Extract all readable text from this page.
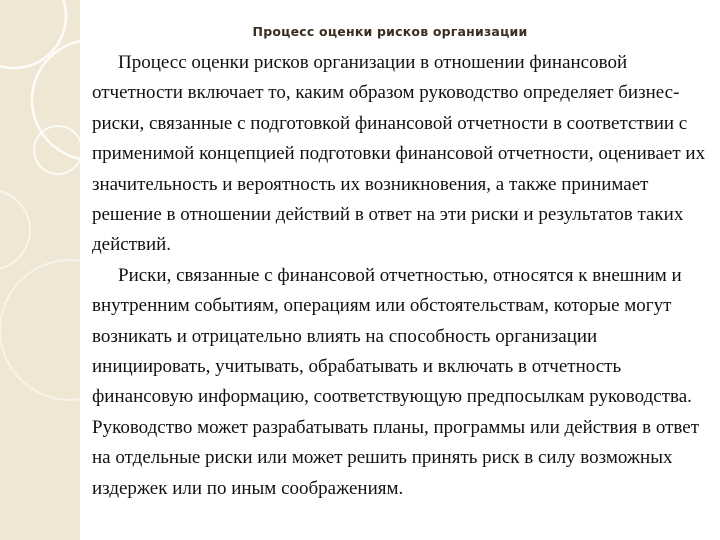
Процесс оценки рисков организации

Процесс оценки рисков организации в отношении финансовой отчетности включает то, каким образом руководство определяет бизнес-риски, связанные с подготовкой финансовой отчетности в соответствии с применимой концепцией подготовки финансовой отчетности, оценивает их значительность и вероятность их возникновения, а также принимает решение в отношении действий в ответ на эти риски и результатов таких действий.

Риски, связанные с финансовой отчетностью, относятся к внешним и внутренним событиям, операциям или обстоятельствам, которые могут возникать и отрицательно влиять на способность организации инициировать, учитывать, обрабатывать и включать в отчетность финансовую информацию, соответствующую предпосылкам руководства. Руководство может разрабатывать планы, программы или действия в ответ на отдельные риски или может решить принять риск в силу возможных издержек или по иным соображениям.
